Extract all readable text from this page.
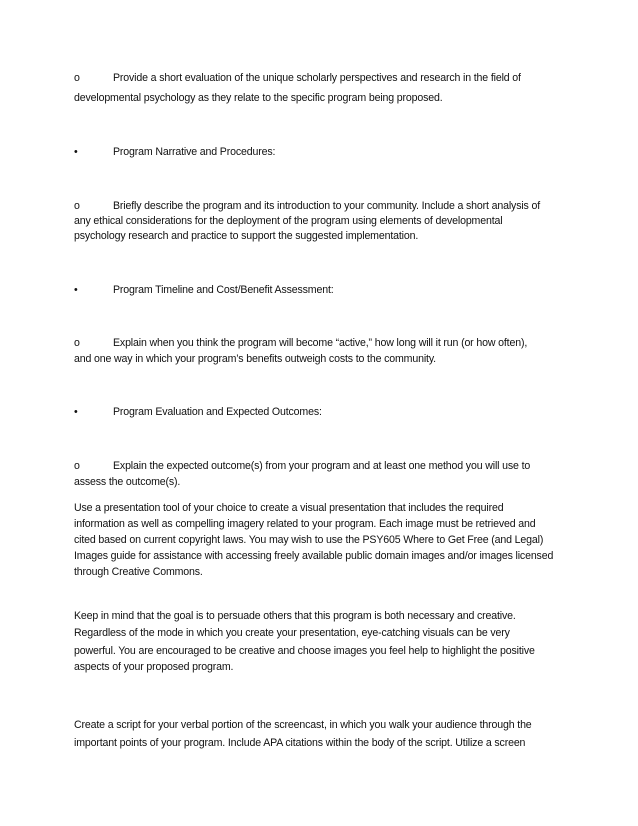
o	Provide a short evaluation of the unique scholarly perspectives and research in the field of
developmental psychology as they relate to the specific program being proposed.
•	Program Narrative and Procedures:
o	Briefly describe the program and its introduction to your community. Include a short analysis of
any ethical considerations for the deployment of the program using elements of developmental
psychology research and practice to support the suggested implementation.
•	Program Timeline and Cost/Benefit Assessment:
o	Explain when you think the program will become “active,” how long will it run (or how often),
and one way in which your program’s benefits outweigh costs to the community.
•	Program Evaluation and Expected Outcomes:
o	Explain the expected outcome(s) from your program and at least one method you will use to
assess the outcome(s).
Use a presentation tool of your choice to create a visual presentation that includes the required
information as well as compelling imagery related to your program. Each image must be retrieved and
cited based on current copyright laws. You may wish to use the PSY605 Where to Get Free (and Legal)
Images guide for assistance with accessing freely available public domain images and/or images licensed
through Creative Commons.
Keep in mind that the goal is to persuade others that this program is both necessary and creative.
Regardless of the mode in which you create your presentation, eye-catching visuals can be very
powerful. You are encouraged to be creative and choose images you feel help to highlight the positive
aspects of your proposed program.
Create a script for your verbal portion of the screencast, in which you walk your audience through the
important points of your program. Include APA citations within the body of the script. Utilize a screen
